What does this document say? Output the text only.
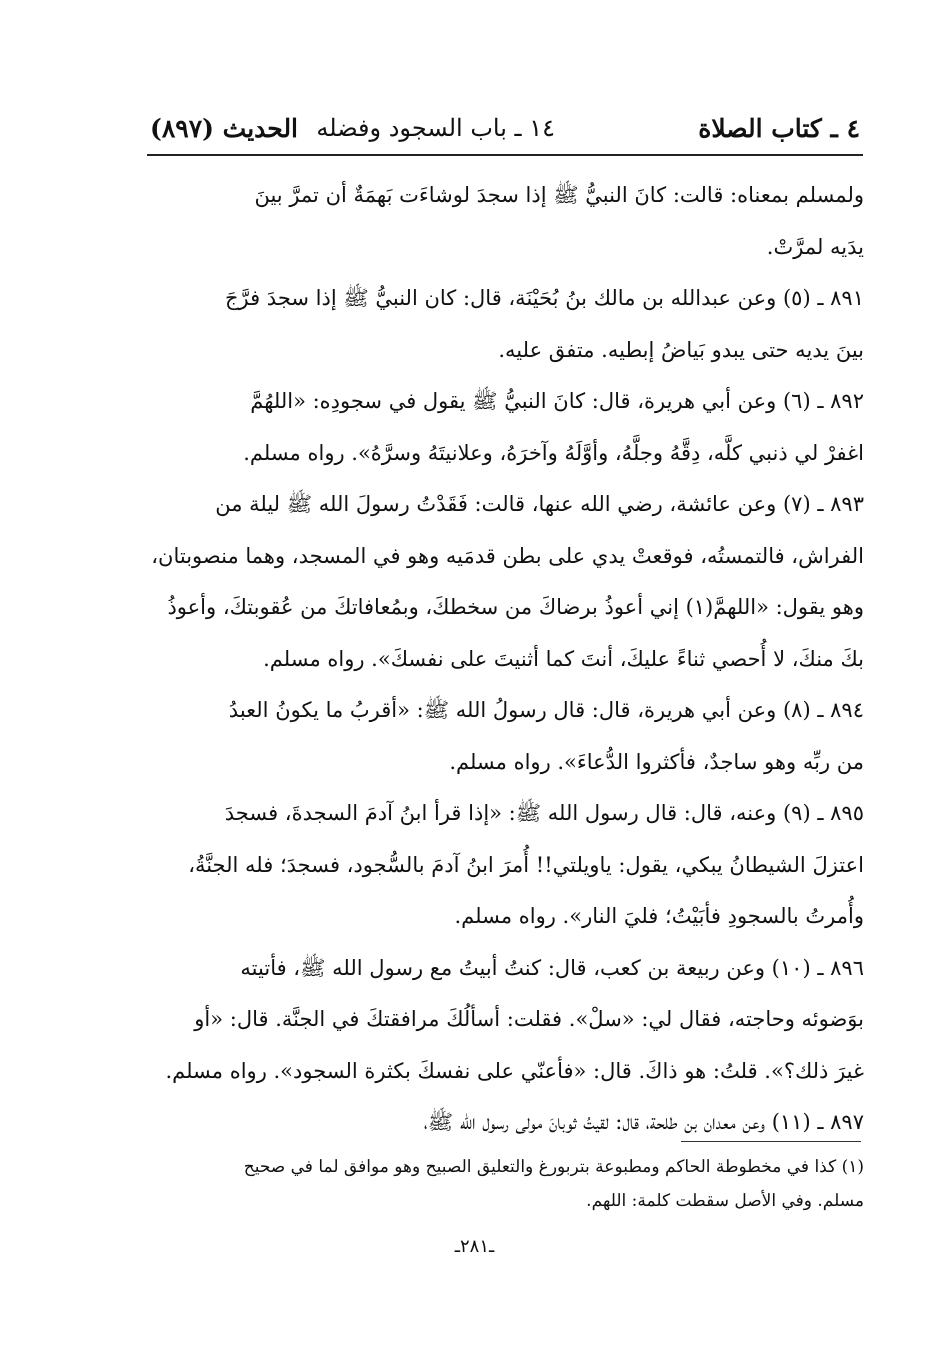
٤ ـ كتاب الصلاة
١٤ ـ باب السجود وفضله
الحديث (٨٩٧)
ولمسلم بمعناه: قالت: كانَ النبيُّ ﷺ إذا سجدَ لوشاءَت بَهمَةٌ أن تمرَّ بينَ
يدَيه لمرَّتْ.
٨٩١ ـ (٥) وعن عبدالله بن مالك بنُ بُحَيْنَة، قال: كان النبيُّ ﷺ إذا سجدَ فرَّجَ
بينَ يديه حتى يبدو بَياضُ إبطيه. متفق عليه.
٨٩٢ ـ (٦) وعن أبي هريرة، قال: كانَ النبيُّ ﷺ يقول في سجودِه: «اللهُمَّ
اغفرْ لي ذنبي كلَّه، دِقَّهُ وجلَّهُ، وأوَّلَهُ وآخرَهُ، وعلانيتَهُ وسرَّهُ». رواه مسلم.
٨٩٣ ـ (٧) وعن عائشة، رضي الله عنها، قالت: فَقَدْتُ رسولَ الله ﷺ ليلة من
الفراش، فالتمستُه، فوقعتْ يدي على بطن قدمَيه وهو في المسجد، وهما منصوبتان،
وهو يقول: «اللهمَّ(١) إني أعوذُ برضاكَ من سخطكَ، وبمُعافاتكَ من عُقوبتكَ، وأعوذُ
بكَ منكَ، لا أُحصي ثناءً عليكَ، أنتَ كما أثنيتَ على نفسكَ». رواه مسلم.
٨٩٤ ـ (٨) وعن أبي هريرة، قال: قال رسولُ الله ﷺ: «أقربُ ما يكونُ العبدُ
من ربِّه وهو ساجدٌ، فأكثروا الدُّعاءَ». رواه مسلم.
٨٩٥ ـ (٩) وعنه، قال: قال رسول الله ﷺ: «إذا قرأ ابنُ آدمَ السجدةَ، فسجدَ
اعتزلَ الشيطانُ يبكي، يقول: ياويلتي!! أُمرَ ابنُ آدمَ بالسُّجود، فسجدَ؛ فله الجنَّةُ،
وأُمرتُ بالسجودِ فأبَيْتُ؛ فليَ النار». رواه مسلم.
٨٩٦ ـ (١٠) وعن ربيعة بن كعب، قال: كنتُ أبيتُ مع رسول الله ﷺ، فأتيته
بوَضوئه وحاجته، فقال لي: «سلْ». فقلت: أسألُكَ مرافقتكَ في الجنَّة. قال: «أو
غيرَ ذلك؟». قلتُ: هو ذاكَ. قال: «فأعنّي على نفسكَ بكثرة السجود». رواه مسلم.
٨٩٧ ـ (١١) وعن معدان بن طلحة، قال: لقيتُ ثوبانَ مولى رسول الله ﷺ،
(١) كذا في مخطوطة الحاكم ومطبوعة بتربورغ والتعليق الصبيح وهو موافق لما في صحيح
مسلم. وفي الأصل سقطت كلمة: اللهم.
ـ٢٨١ـ
